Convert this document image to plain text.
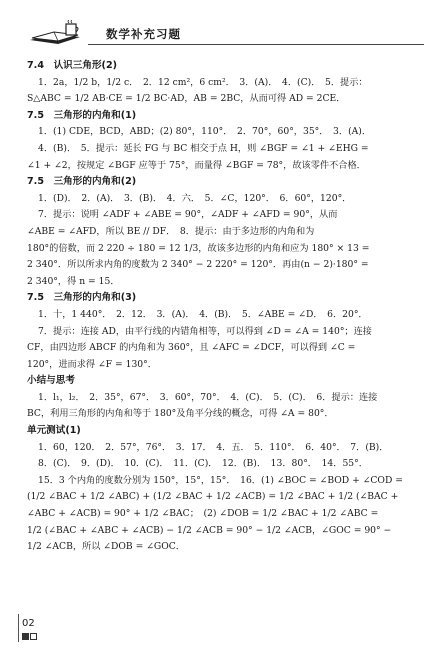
数学补充习题

7.4　认识三角形(2)

1．2a，1/2 b，1/2 c．　2．12 cm²，6 cm²．　3．(A)．　4．(C)．　5．提示：

S△ABC = 1/2 AB·CE = 1/2 BC·AD，AB = 2BC，从而可得 AD = 2CE．

7.5　三角形的内角和(1)

1．(1) CDE，BCD，ABD；(2) 80°，110°．　2．70°，60°，35°．　3．(A)．

4．(B)．　5．提示：延长 FG 与 BC 相交于点 H，则 ∠BGF = ∠1 + ∠EHG =

∠1 + ∠2，按规定 ∠BGF 应等于 75°，而量得 ∠BGF = 78°，故该零件不合格．

7.5　三角形的内角和(2)

1．(D)．　2．(A)．　3．(B)．　4．六．　5．∠C，120°．　6．60°，120°．

7．提示：说明 ∠ADF + ∠ABE = 90°，∠ADF + ∠AFD = 90°，从而

∠ABE = ∠AFD，所以 BE // DF．　8．提示：由于多边形的内角和为

180°的倍数，而 2 220 ÷ 180 = 12 1/3，故该多边形的内角和应为 180° × 13 =

2 340°．所以所求内角的度数为 2 340° − 2 220° = 120°．再由(n − 2)·180° =

2 340°，得 n = 15．

7.5　三角形的内角和(3)

1．十，1 440°．　2．12．　3．(A)．　4．(B)．　5．∠ABE = ∠D．　6．20°．

7．提示：连接 AD，由平行线的内错角相等，可以得到 ∠D = ∠A = 140°；连接

CF，由四边形 ABCF 的内角和为 360°，且 ∠AFC = ∠DCF，可以得到 ∠C =

120°，进而求得 ∠F = 130°．

小结与思考

1．l₁，l₂．　2．35°，67°．　3．60°，70°．　4．(C)．　5．(C)．　6．提示：连接

BC，利用三角形的内角和等于 180°及角平分线的概念，可得 ∠A = 80°．

单元测试(1)

1．60，120．　2．57°，76°．　3．17．　4．五．　5．110°．　6．40°．　7．(B)．

8．(C)．　9．(D)．　10．(C)．　11．(C)．　12．(B)．　13．80°．　14．55°．

15．3 个内角的度数分别为 150°，15°，15°．　16．(1) ∠BOC = ∠BOD + ∠COD =

(1/2 ∠BAC + 1/2 ∠ABC) + (1/2 ∠BAC + 1/2 ∠ACB) = 1/2 ∠BAC + 1/2 (∠BAC +

∠ABC + ∠ACB) = 90° + 1/2 ∠BAC；　(2) ∠DOB = 1/2 ∠BAC + 1/2 ∠ABC =

1/2 (∠BAC + ∠ABC + ∠ACB) − 1/2 ∠ACB = 90° − 1/2 ∠ACB，∠GOC = 90° −

1/2 ∠ACB，所以 ∠DOB = ∠GOC．

02
